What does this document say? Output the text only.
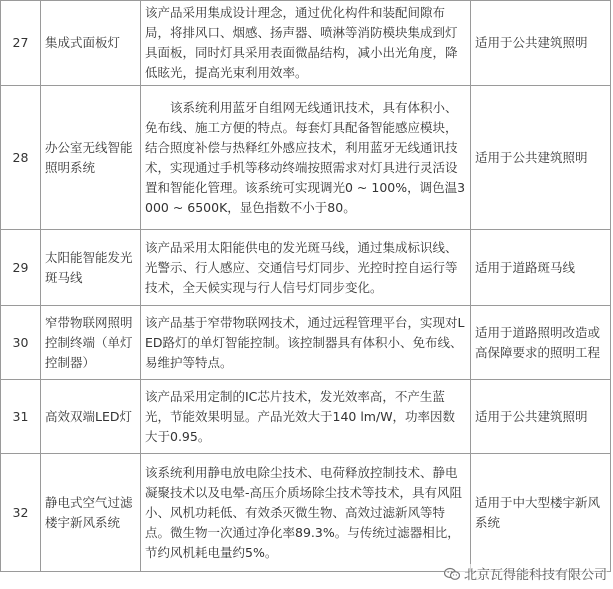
27	集成式面板灯	该产品采用集成设计理念，通过优化构件和装配间隙布局，将排风口、烟感、扬声器、喷淋等消防模块集成到灯具面板，同时灯具采用表面微晶结构，减小出光角度，降低眩光，提高光束利用效率。	适用于公共建筑照明
28	办公室无线智能照明系统	该系统利用蓝牙自组网无线通讯技术，具有体积小、免布线、施工方便的特点。每套灯具配备智能感应模块，结合照度补偿与热释红外感应技术，利用蓝牙无线通讯技术，实现通过手机等移动终端按照需求对灯具进行灵活设置和智能化管理。该系统可实现调光0 ~ 100%，调色温3000 ~ 6500K，显色指数不小于80。	适用于公共建筑照明
29	太阳能智能发光斑马线	该产品采用太阳能供电的发光斑马线，通过集成标识线、光警示、行人感应、交通信号灯同步、光控时控自运行等技术，全天候实现与行人信号灯同步变化。	适用于道路斑马线
30	窄带物联网照明控制终端（单灯控制器）	该产品基于窄带物联网技术，通过远程管理平台，实现对LED路灯的单灯智能控制。该控制器具有体积小、免布线、易维护等特点。	适用于道路照明改造或高保障要求的照明工程
31	高效双端LED灯	该产品采用定制的IC芯片技术，发光效率高，不产生蓝光，节能效果明显。产品光效大于140 lm/W，功率因数大于0.95。	适用于公共建筑照明
32	静电式空气过滤楼宇新风系统	该系统利用静电放电除尘技术、电荷释放控制技术、静电凝聚技术以及电晕-高压介质场除尘技术等技术，具有风阻小、风机功耗低、有效杀灭微生物、高效过滤新风等特点。微生物一次通过净化率89.3%。与传统过滤器相比，节约风机耗电量约5%。	适用于中大型楼宇新风系统
北京瓦得能科技有限公司
